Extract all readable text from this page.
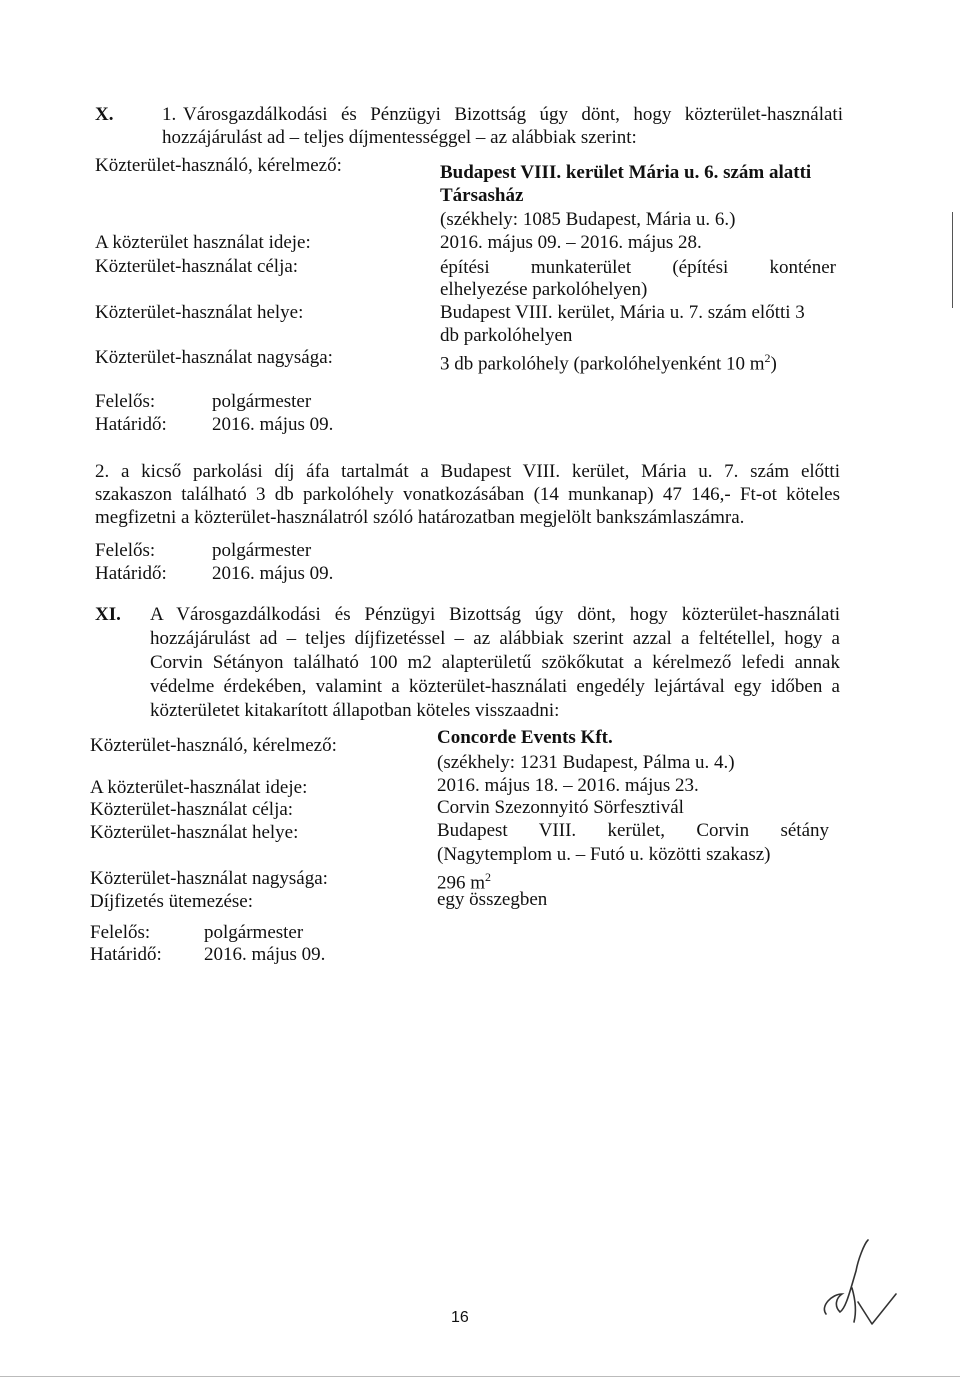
X.	1. Városgazdálkodási és Pénzügyi Bizottság úgy dönt, hogy közterület-használati
hozzájárulást ad – teljes díjmentességgel – az alábbiak szerint:
Közterület-használó, kérelmező:	Budapest VIII. kerület Mária u. 6. szám alatti
Társasház
(székhely: 1085 Budapest, Mária u. 6.)
A közterület használat ideje:	2016. május 09. – 2016. május 28.
Közterület-használat célja:	építési munkaterület (építési konténer
elhelyezése parkolóhelyen)
Közterület-használat helye:	Budapest VIII. kerület, Mária u. 7. szám előtti 3
db parkolóhelyen
Közterület-használat nagysága:	3 db parkolóhely (parkolóhelyenként 10 $m^2$)
Felelős:	polgármester
Határidő: 2016. május 09.
2. a kicső parkolási díj áfa tartalmát a Budapest VIII. kerület, Mária u. 7. szám előtti
szakaszon található 3 db parkolóhely vonatkozásában (14 munkanap) 47 146,- Ft-ot köteles
megfizetni a közterület-használatról szóló határozatban megjelölt bankszámlaszámra.
Felelős:	polgármester
Határidő: 2016. május 09.
XI. A Városgazdálkodási és Pénzügyi Bizottság úgy dönt, hogy közterület-használati
hozzájárulást ad – teljes díjfizetéssel – az alábbiak szerint azzal a feltétellel, hogy a
Corvin Sétányon található 100 m2 alapterületű szökőkutat a kérelmező lefedi annak
védelme érdekében, valamint a közterület-használati engedély lejártával egy időben a
közterületet kitakarított állapotban köteles visszaadni:
Közterület-használó, kérelmező:	Concorde Events Kft.
(székhely: 1231 Budapest, Pálma u. 4.)
A közterület-használat ideje:	2016. május 18. – 2016. május 23.
Közterület-használat célja:	Corvin Szezonnyitó Sörfesztivál
Közterület-használat helye:	Budapest VIII. kerület, Corvin sétány
(Nagytemplom u. – Futó u. közötti szakasz)
Közterület-használat nagysága:	296 $m^2$
Díjfizetés ütemezése:	egy összegben
Felelős:	polgármester
Határidő: 2016. május 09.
16
